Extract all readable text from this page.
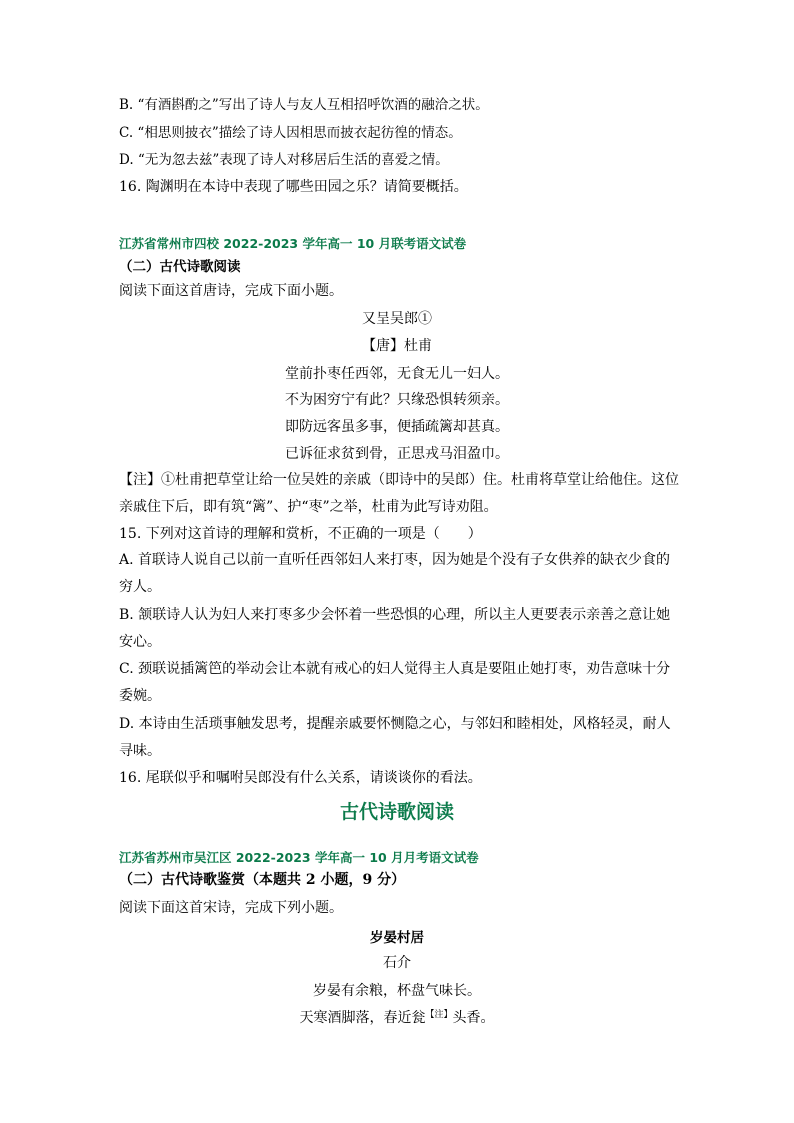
B. “有酒斟酌之”写出了诗人与友人互相招呼饮酒的融洽之状。
C. “相思则披衣”描绘了诗人因相思而披衣起彷徨的情态。
D. “无为忽去兹”表现了诗人对移居后生活的喜爱之情。
16. 陶渊明在本诗中表现了哪些田园之乐？请简要概括。
江苏省常州市四校 2022-2023 学年高一 10 月联考语文试卷
（二）古代诗歌阅读
阅读下面这首唐诗，完成下面小题。
又呈吴郎①
【唐】杜甫
堂前扑枣任西邻，无食无儿一妇人。
不为困穷宁有此？只缘恐惧转须亲。
即防远客虽多事，便插疏篱却甚真。
已诉征求贫到骨，正思戎马泪盈巾。
【注】①杜甫把草堂让给一位吴姓的亲戚（即诗中的吴郎）住。杜甫将草堂让给他住。这位
亲戚住下后，即有筑“篱”、护“枣”之举，杜甫为此写诗劝阻。
15. 下列对这首诗的理解和赏析，不正确的一项是（　　）
A. 首联诗人说自己以前一直听任西邻妇人来打枣，因为她是个没有子女供养的缺衣少食的
穷人。
B. 颔联诗人认为妇人来打枣多少会怀着一些恐惧的心理，所以主人更要表示亲善之意让她
安心。
C. 颈联说插篱笆的举动会让本就有戒心的妇人觉得主人真是要阻止她打枣，劝告意味十分
委婉。
D. 本诗由生活琐事触发思考，提醒亲戚要怀恻隐之心，与邻妇和睦相处，风格轻灵，耐人
寻味。
16. 尾联似乎和嘱咐吴郎没有什么关系，请谈谈你的看法。
古代诗歌阅读
江苏省苏州市吴江区 2022-2023 学年高一 10 月月考语文试卷
（二）古代诗歌鉴赏（本题共 2 小题，9 分）
阅读下面这首宋诗，完成下列小题。
岁晏村居
石介
岁晏有余粮，杯盘气味长。
天寒酒脚落，春近瓮$^{【注】}$头香。
